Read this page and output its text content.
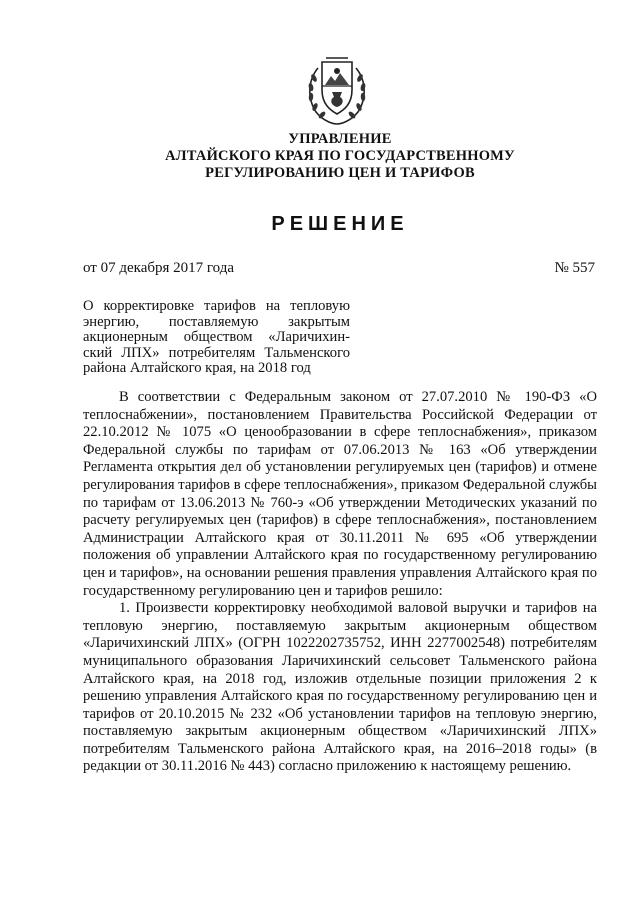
УПРАВЛЕНИЕ
АЛТАЙСКОГО КРАЯ ПО ГОСУДАРСТВЕННОМУ
РЕГУЛИРОВАНИЮ ЦЕН И ТАРИФОВ
РЕШЕНИЕ
от 07 декабря 2017 года	№ 557
О корректировке тарифов на тепловую энергию, поставляемую закрытым акционерным обществом «Ларичихин-ский ЛПХ» потребителям Тальменского района Алтайского края, на 2018 год

В соответствии с Федеральным законом от 27.07.2010 № 190-ФЗ «О теплоснабжении», постановлением Правительства Российской Федерации от 22.10.2012 № 1075 «О ценообразовании в сфере теплоснабжения», приказом Федеральной службы по тарифам от 07.06.2013 № 163 «Об утверждении Регламента открытия дел об установлении регулируемых цен (тарифов) и отмене регулирования тарифов в сфере теплоснабжения», приказом Федеральной службы по тарифам от 13.06.2013 № 760-э «Об утверждении Методических указаний по расчету регулируемых цен (тарифов) в сфере теплоснабжения», постановлением Администрации Алтайского края от 30.11.2011 № 695 «Об утверждении положения об управлении Алтайского края по государственному регулированию цен и тарифов», на основании решения правления управления Алтайского края по государственному регулированию цен и тарифов решило:

1. Произвести корректировку необходимой валовой выручки и тарифов на тепловую энергию, поставляемую закрытым акционерным обществом «Ларичихинский ЛПХ» (ОГРН 1022202735752, ИНН 2277002548) потребителям муниципального образования Ларичихинский сельсовет Тальменского района Алтайского края, на 2018 год, изложив отдельные позиции приложения 2 к решению управления Алтайского края по государственному регулированию цен и тарифов от 20.10.2015 № 232 «Об установлении тарифов на тепловую энергию, поставляемую закрытым акционерным обществом «Ларичихинский ЛПХ» потребителям Тальменского района Алтайского края, на 2016–2018 годы» (в редакции от 30.11.2016 № 443) согласно приложению к настоящему решению.
